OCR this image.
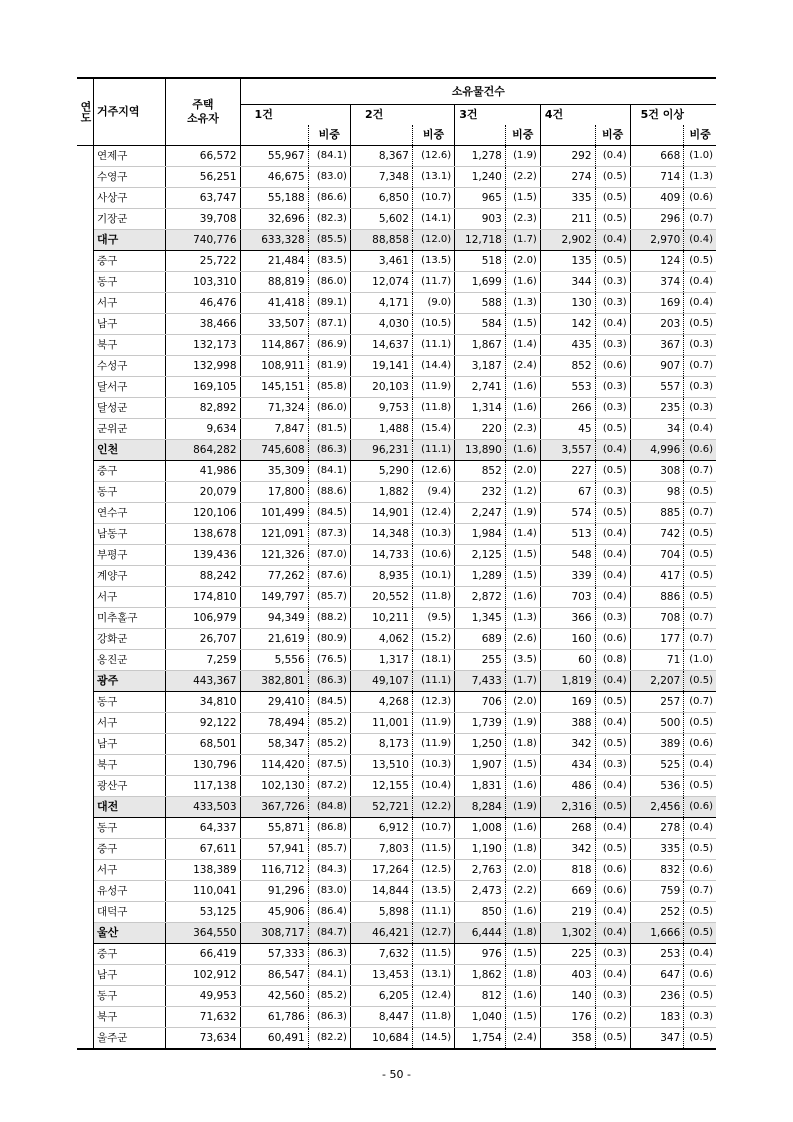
연도	거주지역	주택
소유자	소유물건수									
			1건		2건		3건		4건		5건 이상	
				비중		비중		비중		비중		비중
	연제구	66,572	55,967	(84.1)	8,367	(12.6)	1,278	(1.9)	292	(0.4)	668	(1.0)
	수영구	56,251	46,675	(83.0)	7,348	(13.1)	1,240	(2.2)	274	(0.5)	714	(1.3)
	사상구	63,747	55,188	(86.6)	6,850	(10.7)	965	(1.5)	335	(0.5)	409	(0.6)
	기장군	39,708	32,696	(82.3)	5,602	(14.1)	903	(2.3)	211	(0.5)	296	(0.7)
	대구	740,776	633,328	(85.5)	88,858	(12.0)	12,718	(1.7)	2,902	(0.4)	2,970	(0.4)
	중구	25,722	21,484	(83.5)	3,461	(13.5)	518	(2.0)	135	(0.5)	124	(0.5)
	동구	103,310	88,819	(86.0)	12,074	(11.7)	1,699	(1.6)	344	(0.3)	374	(0.4)
	서구	46,476	41,418	(89.1)	4,171	(9.0)	588	(1.3)	130	(0.3)	169	(0.4)
	남구	38,466	33,507	(87.1)	4,030	(10.5)	584	(1.5)	142	(0.4)	203	(0.5)
	북구	132,173	114,867	(86.9)	14,637	(11.1)	1,867	(1.4)	435	(0.3)	367	(0.3)
	수성구	132,998	108,911	(81.9)	19,141	(14.4)	3,187	(2.4)	852	(0.6)	907	(0.7)
	달서구	169,105	145,151	(85.8)	20,103	(11.9)	2,741	(1.6)	553	(0.3)	557	(0.3)
	달성군	82,892	71,324	(86.0)	9,753	(11.8)	1,314	(1.6)	266	(0.3)	235	(0.3)
	군위군	9,634	7,847	(81.5)	1,488	(15.4)	220	(2.3)	45	(0.5)	34	(0.4)
	인천	864,282	745,608	(86.3)	96,231	(11.1)	13,890	(1.6)	3,557	(0.4)	4,996	(0.6)
	중구	41,986	35,309	(84.1)	5,290	(12.6)	852	(2.0)	227	(0.5)	308	(0.7)
	동구	20,079	17,800	(88.6)	1,882	(9.4)	232	(1.2)	67	(0.3)	98	(0.5)
	연수구	120,106	101,499	(84.5)	14,901	(12.4)	2,247	(1.9)	574	(0.5)	885	(0.7)
	남동구	138,678	121,091	(87.3)	14,348	(10.3)	1,984	(1.4)	513	(0.4)	742	(0.5)
	부평구	139,436	121,326	(87.0)	14,733	(10.6)	2,125	(1.5)	548	(0.4)	704	(0.5)
	계양구	88,242	77,262	(87.6)	8,935	(10.1)	1,289	(1.5)	339	(0.4)	417	(0.5)
	서구	174,810	149,797	(85.7)	20,552	(11.8)	2,872	(1.6)	703	(0.4)	886	(0.5)
	미추홀구	106,979	94,349	(88.2)	10,211	(9.5)	1,345	(1.3)	366	(0.3)	708	(0.7)
	강화군	26,707	21,619	(80.9)	4,062	(15.2)	689	(2.6)	160	(0.6)	177	(0.7)
	옹진군	7,259	5,556	(76.5)	1,317	(18.1)	255	(3.5)	60	(0.8)	71	(1.0)
	광주	443,367	382,801	(86.3)	49,107	(11.1)	7,433	(1.7)	1,819	(0.4)	2,207	(0.5)
	동구	34,810	29,410	(84.5)	4,268	(12.3)	706	(2.0)	169	(0.5)	257	(0.7)
	서구	92,122	78,494	(85.2)	11,001	(11.9)	1,739	(1.9)	388	(0.4)	500	(0.5)
	남구	68,501	58,347	(85.2)	8,173	(11.9)	1,250	(1.8)	342	(0.5)	389	(0.6)
	북구	130,796	114,420	(87.5)	13,510	(10.3)	1,907	(1.5)	434	(0.3)	525	(0.4)
	광산구	117,138	102,130	(87.2)	12,155	(10.4)	1,831	(1.6)	486	(0.4)	536	(0.5)
	대전	433,503	367,726	(84.8)	52,721	(12.2)	8,284	(1.9)	2,316	(0.5)	2,456	(0.6)
	동구	64,337	55,871	(86.8)	6,912	(10.7)	1,008	(1.6)	268	(0.4)	278	(0.4)
	중구	67,611	57,941	(85.7)	7,803	(11.5)	1,190	(1.8)	342	(0.5)	335	(0.5)
	서구	138,389	116,712	(84.3)	17,264	(12.5)	2,763	(2.0)	818	(0.6)	832	(0.6)
	유성구	110,041	91,296	(83.0)	14,844	(13.5)	2,473	(2.2)	669	(0.6)	759	(0.7)
	대덕구	53,125	45,906	(86.4)	5,898	(11.1)	850	(1.6)	219	(0.4)	252	(0.5)
	울산	364,550	308,717	(84.7)	46,421	(12.7)	6,444	(1.8)	1,302	(0.4)	1,666	(0.5)
	중구	66,419	57,333	(86.3)	7,632	(11.5)	976	(1.5)	225	(0.3)	253	(0.4)
	남구	102,912	86,547	(84.1)	13,453	(13.1)	1,862	(1.8)	403	(0.4)	647	(0.6)
	동구	49,953	42,560	(85.2)	6,205	(12.4)	812	(1.6)	140	(0.3)	236	(0.5)
	북구	71,632	61,786	(86.3)	8,447	(11.8)	1,040	(1.5)	176	(0.2)	183	(0.3)
	울주군	73,634	60,491	(82.2)	10,684	(14.5)	1,754	(2.4)	358	(0.5)	347	(0.5)
- 50 -
